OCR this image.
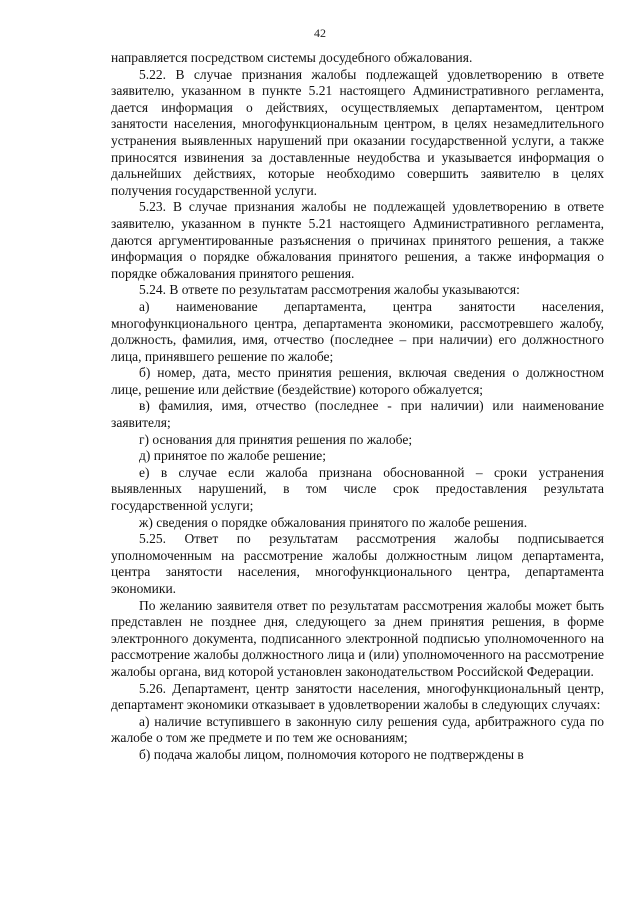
42

направляется посредством системы досудебного обжалования.

5.22. В случае признания жалобы подлежащей удовлетворению в ответе заявителю, указанном в пункте 5.21 настоящего Административного регламента, дается информация о действиях, осуществляемых департаментом, центром занятости населения, многофункциональным центром, в целях незамедлительного устранения выявленных нарушений при оказании государственной услуги, а также приносятся извинения за доставленные неудобства и указывается информация о дальнейших действиях, которые необходимо совершить заявителю в целях получения государственной услуги.

5.23. В случае признания жалобы не подлежащей удовлетворению в ответе заявителю, указанном в пункте 5.21 настоящего Административного регламента, даются аргументированные разъяснения о причинах принятого решения, а также информация о порядке обжалования принятого решения, а также информация о порядке обжалования принятого решения.

5.24. В ответе по результатам рассмотрения жалобы указываются:

а) наименование департамента, центра занятости населения, многофункционального центра, департамента экономики, рассмотревшего жалобу, должность, фамилия, имя, отчество (последнее – при наличии) его должностного лица, принявшего решение по жалобе;

б) номер, дата, место принятия решения, включая сведения о должностном лице, решение или действие (бездействие) которого обжалуется;

в) фамилия, имя, отчество (последнее - при наличии) или наименование заявителя;

г) основания для принятия решения по жалобе;

д) принятое по жалобе решение;

е) в случае если жалоба признана обоснованной – сроки устранения выявленных нарушений, в том числе срок предоставления результата государственной услуги;

ж) сведения о порядке обжалования принятого по жалобе решения.

5.25. Ответ по результатам рассмотрения жалобы подписывается уполномоченным на рассмотрение жалобы должностным лицом департамента, центра занятости населения, многофункционального центра, департамента экономики.

По желанию заявителя ответ по результатам рассмотрения жалобы может быть представлен не позднее дня, следующего за днем принятия решения, в форме электронного документа, подписанного электронной подписью уполномоченного на рассмотрение жалобы должностного лица и (или) уполномоченного на рассмотрение жалобы органа, вид которой установлен законодательством Российской Федерации.

5.26. Департамент, центр занятости населения, многофункциональный центр, департамент экономики отказывает в удовлетворении жалобы в следующих случаях:

а) наличие вступившего в законную силу решения суда, арбитражного суда по жалобе о том же предмете и по тем же основаниям;

б) подача жалобы лицом, полномочия которого не подтверждены в
